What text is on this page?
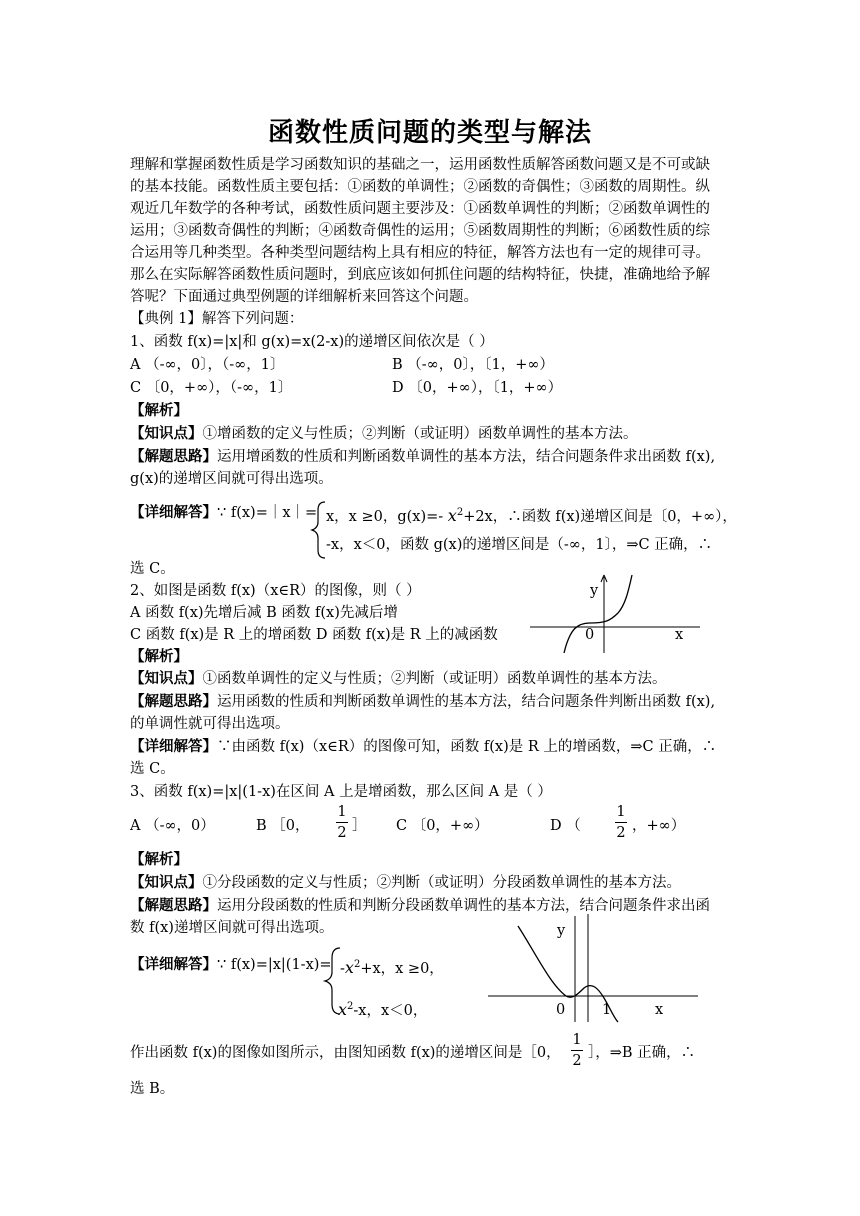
函数性质问题的类型与解法
理解和掌握函数性质是学习函数知识的基础之一，运用函数性质解答函数问题又是不可或缺
的基本技能。函数性质主要包括：①函数的单调性；②函数的奇偶性；③函数的周期性。纵
观近几年数学的各种考试，函数性质问题主要涉及：①函数单调性的判断；②函数单调性的
运用；③函数奇偶性的判断；④函数奇偶性的运用；⑤函数周期性的判断；⑥函数性质的综
合运用等几种类型。各种类型问题结构上具有相应的特征，解答方法也有一定的规律可寻。
那么在实际解答函数性质问题时，到底应该如何抓住问题的结构特征，快捷，准确地给予解
答呢？下面通过典型例题的详细解析来回答这个问题。
【典例 1】解答下列问题：
1、函数 f(x)=|x|和 g(x)=x(2-x)的递增区间依次是（ ）
A （-∞，0〕，（-∞，1〕	B （-∞，0〕，〔1，+∞）
C 〔0，+∞），（-∞，1〕	D 〔0，+∞），〔1，+∞）
【解析】
【知识点】①增函数的定义与性质；②判断（或证明）函数单调性的基本方法。
【解题思路】运用增函数的性质和判断函数单调性的基本方法，结合问题条件求出函数 f(x),
g(x)的递增区间就可得出选项。
【详细解答】∵ f(x)=｜x｜= x，x ≥0，g(x)=- $x^2+2x$，∴函数 f(x)递增区间是〔0，+∞），
-x，x＜0，函数 g(x)的递增区间是（-∞，1〕，⇒C 正确，∴
选 C。
2、如图是函数 f(x)（x∈R）的图像，则（ ）
A 函数 f(x)先增后减 B 函数 f(x)先减后增
C 函数 f(x)是 R 上的增函数 D 函数 f(x)是 R 上的减函数
y
x
0
【解析】
【知识点】①函数单调性的定义与性质；②判断（或证明）函数单调性的基本方法。
【解题思路】运用函数的性质和判断函数单调性的基本方法，结合问题条件判断出函数 f(x),
的单调性就可得出选项。
【详细解答】∵由函数 f(x)（x∈R）的图像可知，函数 f(x)是 R 上的增函数，⇒C 正确，∴
选 C。
3、函数 f(x)=|x|(1-x)在区间 A 上是增函数，那么区间 A 是（ ）
A （-∞，0）	B ［0，
1
2 ］ C 〔0，+∞）	D （
1
2 ，+∞）
【解析】
【知识点】①分段函数的定义与性质；②判断（或证明）分段函数单调性的基本方法。
【解题思路】运用分段函数的性质和判断分段函数单调性的基本方法，结合问题条件求出函
数 f(x)递增区间就可得出选项。
【详细解答】∵ $f(x)=|x|(1-x)= -x^2+x$，x ≥0，
$x^2-x$，x＜0，
y
x
0	1
作出函数 f(x)的图像如图所示，由图知函数 f(x)的递增区间是［0，
1
2 ］，⇒B 正确，∴
选 B。
